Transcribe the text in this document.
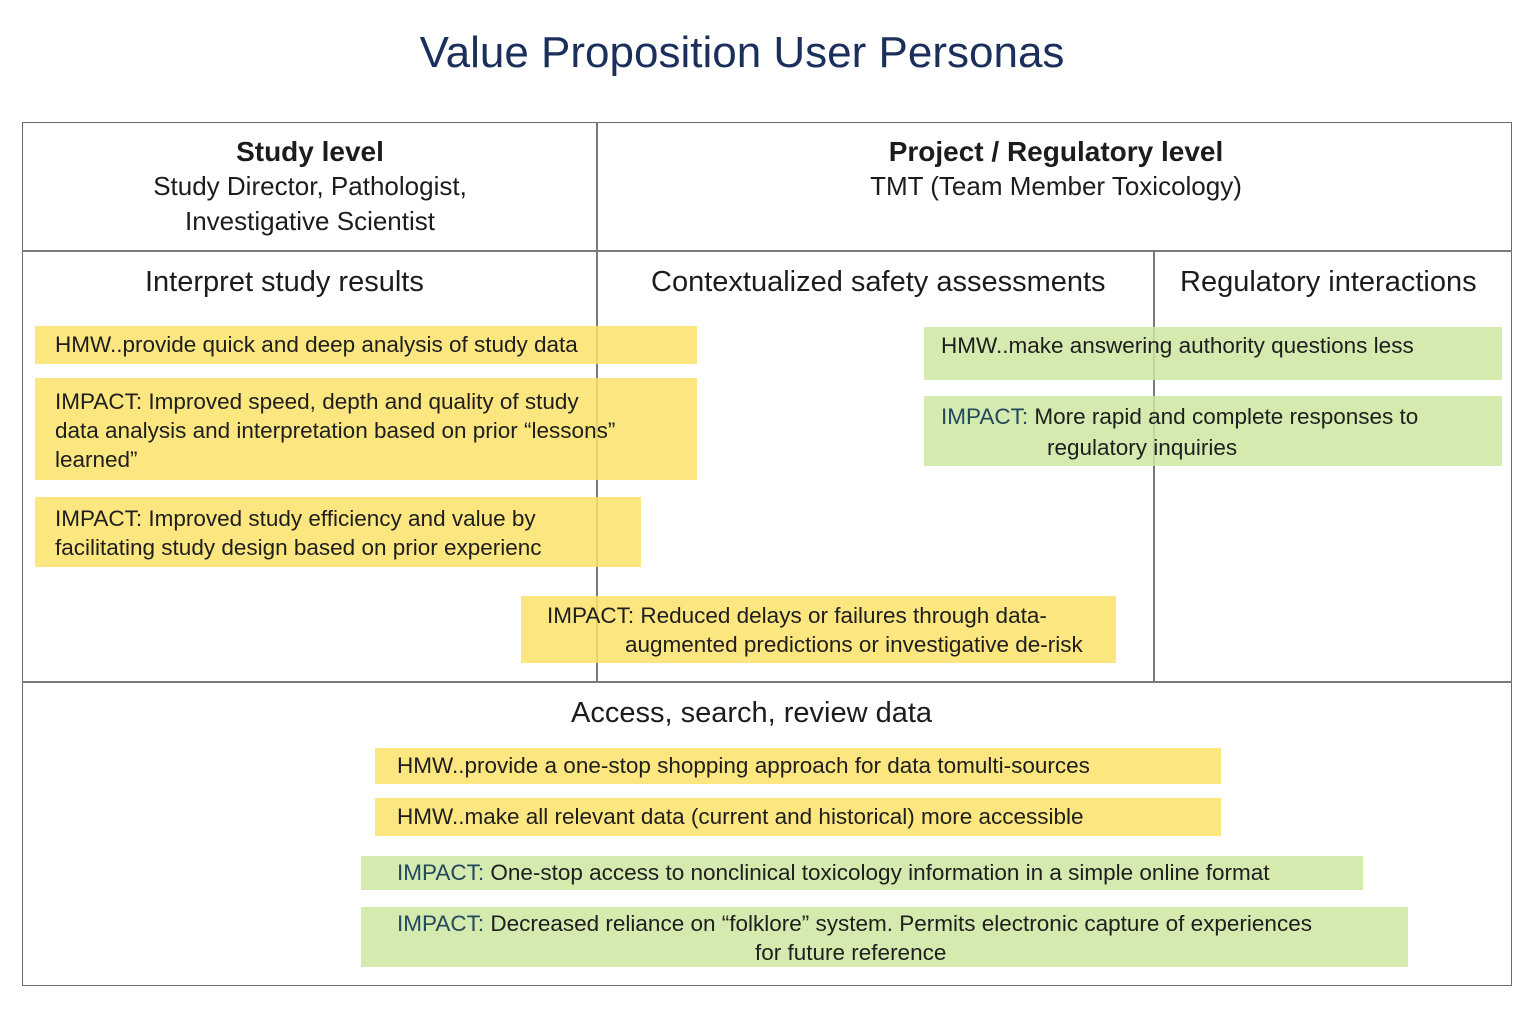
Value Proposition User Personas
Study level
Study Director, Pathologist,
Investigative Scientist
Project / Regulatory level
TMT (Team Member Toxicology)
Interpret study results	Contextualized safety assessments	Regulatory interactions
Access, search, review data
HMW..provide quick and deep analysis of study data
IMPACT: Improved speed, depth and quality of study
data analysis and interpretation based on prior “lessons”
learned”
IMPACT: Improved study efficiency and value by
facilitating study design based on prior experienc
IMPACT: Reduced delays or failures through data-
augmented predictions or investigative de-risk
HMW..make answering authority questions less
IMPACT: More rapid and complete responses to
regulatory inquiries
HMW..provide a one-stop shopping approach for data tomulti-sources
HMW..make all relevant data (current and historical) more accessible
IMPACT: One-stop access to nonclinical toxicology information in a simple online format
IMPACT: Decreased reliance on “folklore” system. Permits electronic capture of experiences
for future reference
